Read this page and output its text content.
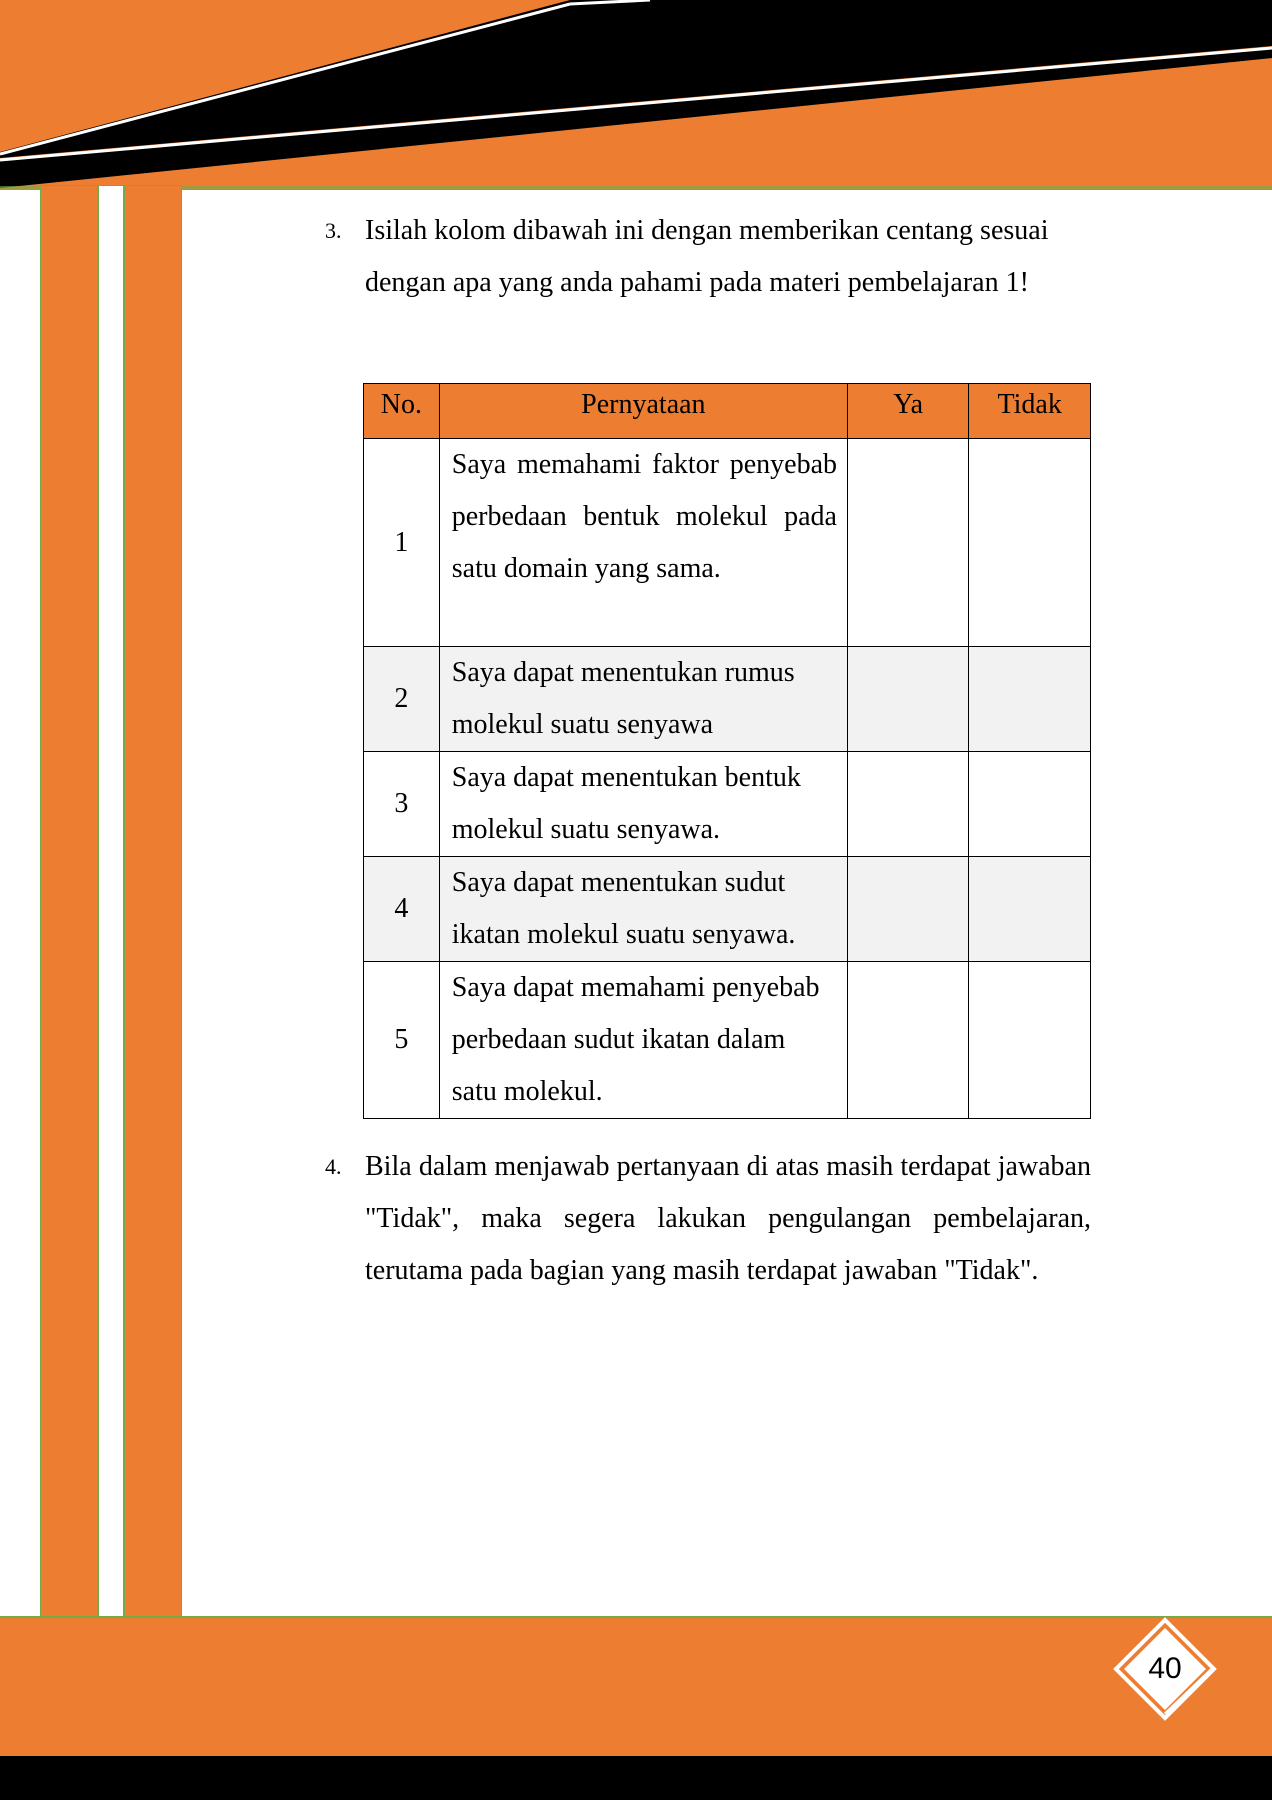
3. Isilah kolom dibawah ini dengan memberikan centang sesuai dengan apa yang anda pahami pada materi pembelajaran 1!
No.	Pernyataan	Ya	Tidak
1	Saya memahami faktor penyebab perbedaan bentuk molekul pada satu domain yang sama.		
2	Saya dapat menentukan rumus molekul suatu senyawa		
3	Saya dapat menentukan bentuk molekul suatu senyawa.		
4	Saya dapat menentukan sudut ikatan molekul suatu senyawa.		
5	Saya dapat memahami penyebab perbedaan sudut ikatan dalam satu molekul.		
4. Bila dalam menjawab pertanyaan di atas masih terdapat jawaban "Tidak", maka segera lakukan pengulangan pembelajaran, terutama pada bagian yang masih terdapat jawaban "Tidak".
40
